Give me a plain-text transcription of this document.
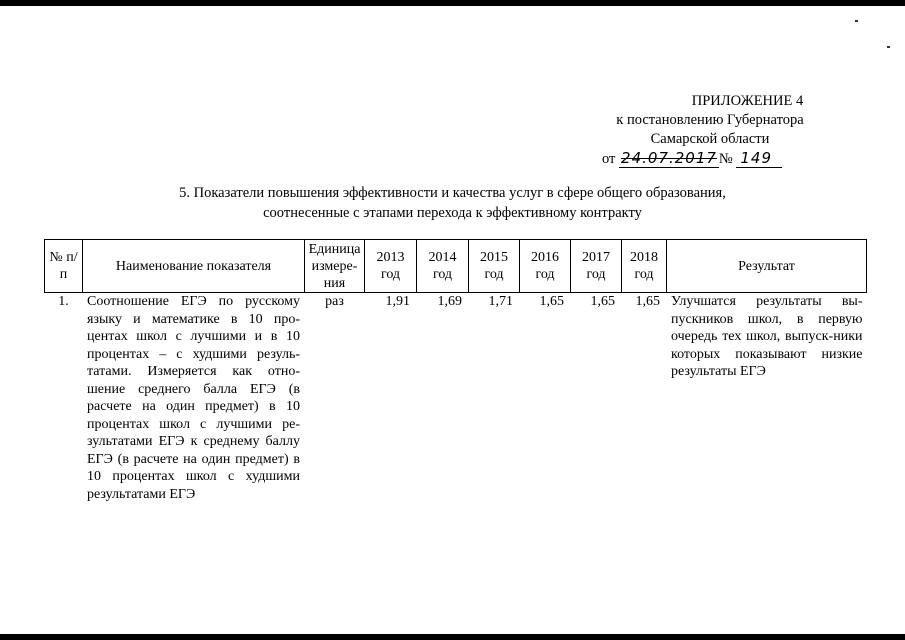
ПРИЛОЖЕНИЕ 4
к постановлению Губернатора
Самарской области
от 24.07.2017 № 149
5. Показатели повышения эффективности и качества услуг в сфере общего образования,
соотнесенные с этапами перехода к эффективному контракту
№ п/п	Наименование показателя	Единица измере-ния	2013 год	2014 год	2015 год	2016 год	2017 год	2018 год	Результат
1.	Соотношение ЕГЭ по русскому языку и математике в 10 про-центах школ с лучшими и в 10 процентах – с худшими резуль-татами. Измеряется как отно-шение среднего балла ЕГЭ (в расчете на один предмет) в 10 процентах школ с лучшими ре-зультатами ЕГЭ к среднему баллу ЕГЭ (в расчете на один предмет) в 10 процентах школ с худшими результатами ЕГЭ	раз	1,91	1,69	1,71	1,65	1,65	1,65	Улучшатся результаты вы-пускников школ, в первую очередь тех школ, выпуск-ники которых показывают низкие результаты ЕГЭ
